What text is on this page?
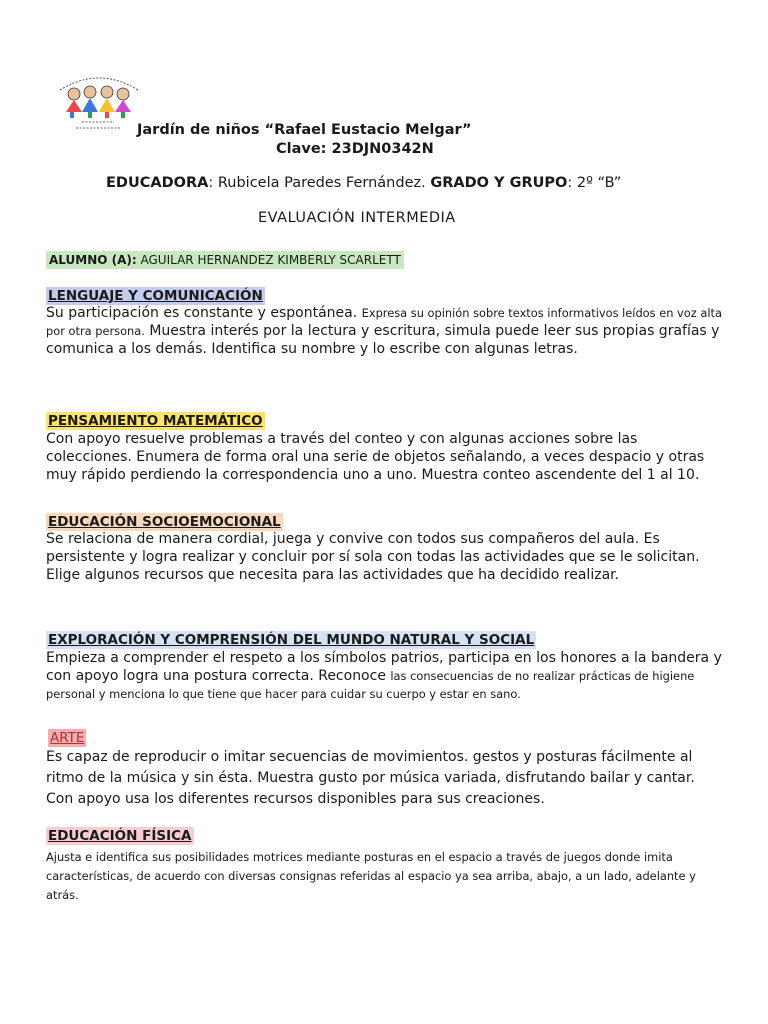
Jardín de niños “Rafael Eustacio Melgar”
Clave: 23DJN0342N
EDUCADORA: Rubicela Paredes Fernández. GRADO Y GRUPO: 2º “B”
EVALUACIÓN INTERMEDIA
ALUMNO (A): AGUILAR HERNANDEZ KIMBERLY SCARLETT
LENGUAJE Y COMUNICACIÓN
Su participación es constante y espontánea. Expresa su opinión sobre textos informativos leídos en voz alta por otra persona. Muestra interés por la lectura y escritura, simula puede leer sus propias grafías y comunica a los demás. Identifica su nombre y lo escribe con algunas letras.
PENSAMIENTO MATEMÁTICO
Con apoyo resuelve problemas a través del conteo y con algunas acciones sobre las colecciones. Enumera de forma oral una serie de objetos señalando, a veces despacio y otras muy rápido perdiendo la correspondencia uno a uno. Muestra conteo ascendente del 1 al 10.
EDUCACIÓN SOCIOEMOCIONAL
Se relaciona de manera cordial, juega y convive con todos sus compañeros del aula. Es persistente y logra realizar y concluir por sí sola con todas las actividades que se le solicitan. Elige algunos recursos que necesita para las actividades que ha decidido realizar.
EXPLORACIÓN Y COMPRENSIÓN DEL MUNDO NATURAL Y SOCIAL
Empieza a comprender el respeto a los símbolos patrios, participa en los honores a la bandera y con apoyo logra una postura correcta. Reconoce las consecuencias de no realizar prácticas de higiene personal y menciona lo que tiene que hacer para cuidar su cuerpo y estar en sano.
ARTE
Es capaz de reproducir o imitar secuencias de movimientos. gestos y posturas fácilmente al ritmo de la música y sin ésta. Muestra gusto por música variada, disfrutando bailar y cantar. Con apoyo usa los diferentes recursos disponibles para sus creaciones.
EDUCACIÓN FÍSICA
Ajusta e identifica sus posibilidades motrices mediante posturas en el espacio a través de juegos donde imita características, de acuerdo con diversas consignas referidas al espacio ya sea arriba, abajo, a un lado, adelante y atrás.
